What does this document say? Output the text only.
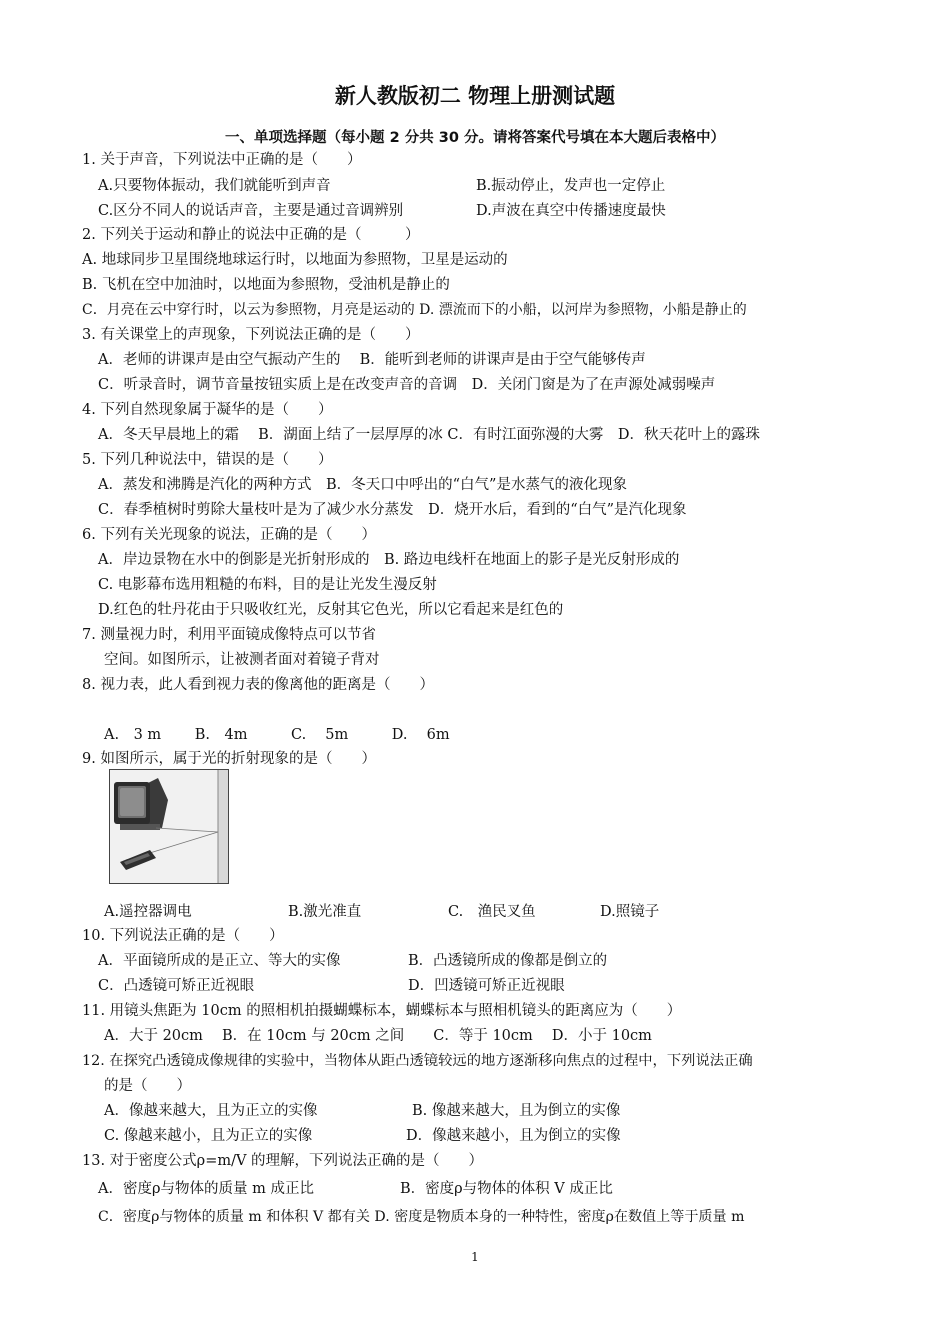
新人教版初二 物理上册测试题
一、单项选择题（每小题 2 分共 30 分。请将答案代号填在本大题后表格中）
1. 关于声音，下列说法中正确的是（　　）
A.只要物体振动，我们就能听到声音	B.振动停止，发声也一定停止
C.区分不同人的说话声音，主要是通过音调辨别	D.声波在真空中传播速度最快
2. 下列关于运动和静止的说法中正确的是（　　　）
A. 地球同步卫星围绕地球运行时，以地面为参照物，卫星是运动的
B. 飞机在空中加油时，以地面为参照物，受油机是静止的
C．月亮在云中穿行时，以云为参照物，月亮是运动的 D. 漂流而下的小船，以河岸为参照物，小船是静止的
3. 有关课堂上的声现象，下列说法正确的是（　　）
A．老师的讲课声是由空气振动产生的　 B．能听到老师的讲课声是由于空气能够传声
C．听录音时，调节音量按钮实质上是在改变声音的音调　D．关闭门窗是为了在声源处减弱噪声
4. 下列自然现象属于凝华的是（　　）
A．冬天早晨地上的霜　 B．湖面上结了一层厚厚的冰 C．有时江面弥漫的大雾　D．秋天花叶上的露珠
5. 下列几种说法中，错误的是（　　）
A．蒸发和沸腾是汽化的两种方式　B．冬天口中呼出的“白气”是水蒸气的液化现象
C．春季植树时剪除大量枝叶是为了减少水分蒸发　D．烧开水后，看到的“白气”是汽化现象
6. 下列有关光现象的说法，正确的是（　　）
A．岸边景物在水中的倒影是光折射形成的　B. 路边电线杆在地面上的影子是光反射形成的
C. 电影幕布选用粗糙的布料，目的是让光发生漫反射
D.红色的牡丹花由于只吸收红光，反射其它色光，所以它看起来是红色的
7. 测量视力时，利用平面镜成像特点可以节省
空间。如图所示，让被测者面对着镜子背对
8. 视力表，此人看到视力表的像离他的距离是（　　）
A.　3 m　　 B.　4m　　　C.　 5m　　　D.　 6m
9. 如图所示，属于光的折射现象的是（　　）
A.遥控器调电	B.激光准直	C.　渔民叉鱼	D.照镜子
10. 下列说法正确的是（　　）
A．平面镜所成的是正立、等大的实像	B．凸透镜所成的像都是倒立的
C．凸透镜可矫正近视眼	D．凹透镜可矫正近视眼
11. 用镜头焦距为 10cm 的照相机拍摄蝴蝶标本，蝴蝶标本与照相机镜头的距离应为（　　）
A．大于 20cm　 B．在 10cm 与 20cm 之间　　C．等于 10cm　 D．小于 10cm
12. 在探究凸透镜成像规律的实验中，当物体从距凸透镜较远的地方逐渐移向焦点的过程中，下列说法正确
的是（　　）
A．像越来越大，且为正立的实像	B. 像越来越大，且为倒立的实像
C. 像越来越小，且为正立的实像	D．像越来越小，且为倒立的实像
13. 对于密度公式ρ=m/V 的理解，下列说法正确的是（　　）
A．密度ρ与物体的质量 m 成正比	B．密度ρ与物体的体积 V 成正比
C．密度ρ与物体的质量 m 和体积 V 都有关 D. 密度是物质本身的一种特性，密度ρ在数值上等于质量 m
1
